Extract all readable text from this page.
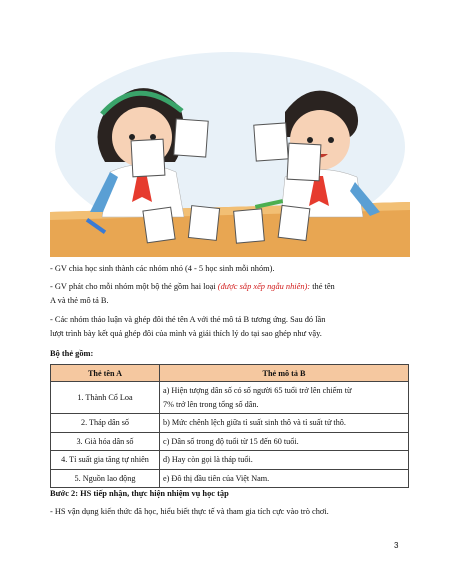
- GV chia học sinh thành các nhóm nhỏ (4 - 5 học sinh mỗi nhóm).
- GV phát cho mỗi nhóm một bộ thẻ gồm hai loại (được sắp xếp ngẫu nhiên): thẻ tên
A và thẻ mô tả B.
- Các nhóm thảo luận và ghép đôi thẻ tên A với thẻ mô tả B tương ứng. Sau đó lần
lượt trình bày kết quả ghép đôi của mình và giải thích lý do tại sao ghép như vậy.
Bộ thẻ gồm:
Thẻ tên A	Thẻ mô tả B
1. Thành Cổ Loa	a) Hiện tượng dân số có số người 65 tuổi trở lên chiếm từ
7% trở lên trong tổng số dân.

2. Tháp dân số	b) Mức chênh lệch giữa tỉ suất sinh thô và tỉ suất tử thô.
3. Già hóa dân số	c) Dân số trong độ tuổi từ 15 đến 60 tuổi.
4. Tỉ suất gia tăng tự nhiên	d) Hay còn gọi là tháp tuổi.
5. Nguồn lao động	e) Đô thị đầu tiên của Việt Nam.
Bước 2: HS tiếp nhận, thực hiện nhiệm vụ học tập
- HS vận dụng kiến thức đã học, hiểu biết thực tế và tham gia tích cực vào trò chơi.
3
